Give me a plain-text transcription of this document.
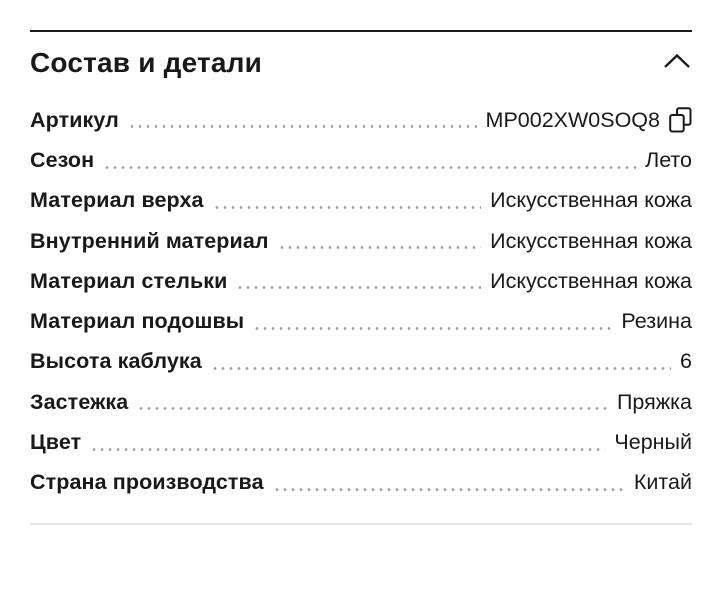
Состав и детали
Артикул	MP002XW0SOQ8
Сезон	Лето
Материал верха	Искусственная кожа
Внутренний материал	Искусственная кожа
Материал стельки	Искусственная кожа
Материал подошвы	Резина
Высота каблука	6
Застежка	Пряжка
Цвет	Черный
Страна производства	Китай
